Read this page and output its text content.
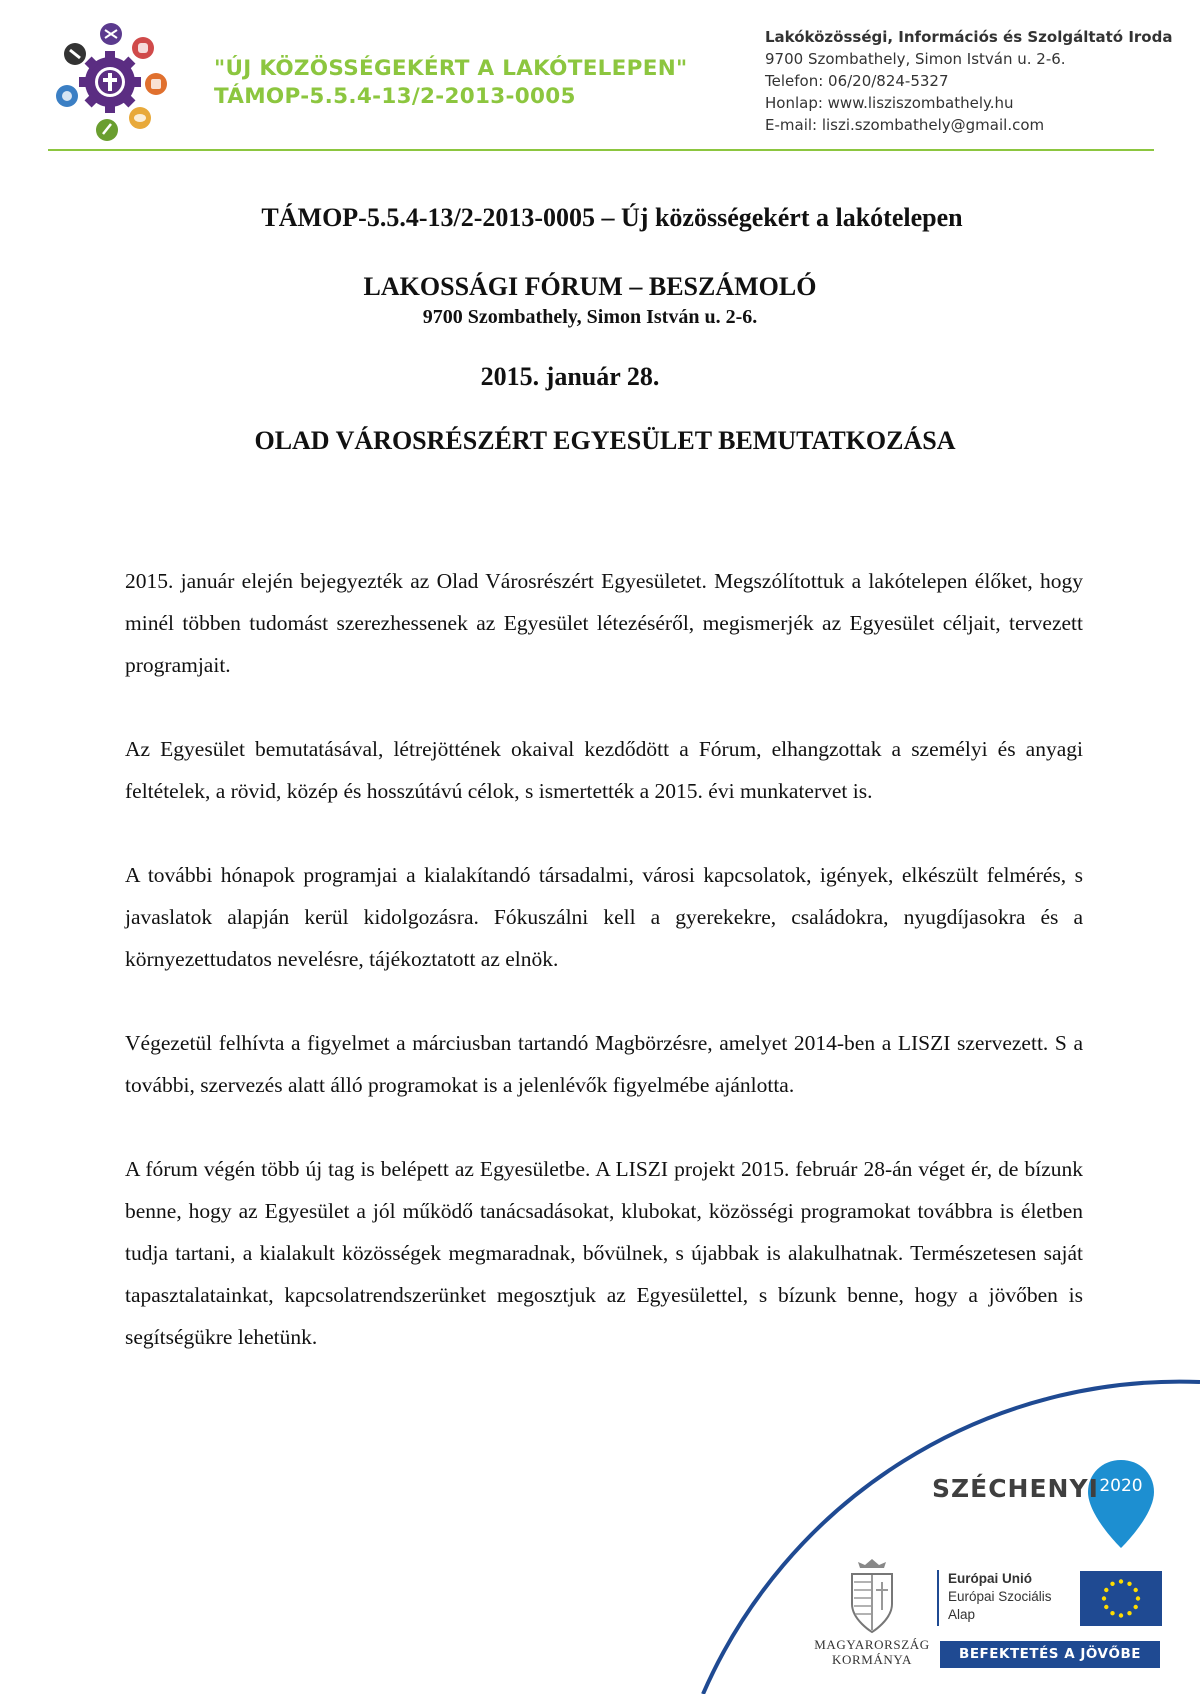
"ÚJ KÖZÖSSÉGEKÉRT A LAKÓTELEPEN"
TÁMOP-5.5.4-13/2-2013-0005
Lakóközösségi, Információs és Szolgáltató Iroda
9700 Szombathely, Simon István u. 2-6.
Telefon: 06/20/824-5327
Honlap: www.lisziszombathely.hu
E-mail: liszi.szombathely@gmail.com
TÁMOP-5.5.4-13/2-2013-0005 – Új közösségekért a lakótelepen
LAKOSSÁGI FÓRUM – BESZÁMOLÓ
9700 Szombathely, Simon István u. 2-6.
2015. január 28.
OLAD VÁROSRÉSZÉRT EGYESÜLET BEMUTATKOZÁSA

2015. január elején bejegyezték az Olad Városrészért Egyesületet. Megszólítottuk a lakótelepen élőket, hogy minél többen tudomást szerezhessenek az Egyesület létezéséről, megismerjék az Egyesület céljait, tervezett programjait.

Az Egyesület bemutatásával, létrejöttének okaival kezdődött a Fórum, elhangzottak a személyi és anyagi feltételek, a rövid, közép és hosszútávú célok, s ismertették a 2015. évi munkatervet is.

A további hónapok programjai a kialakítandó társadalmi, városi kapcsolatok, igények, elkészült felmérés, s javaslatok alapján kerül kidolgozásra. Fókuszálni kell a gyerekekre, családokra, nyugdíjasokra és a környezettudatos nevelésre, tájékoztatott az elnök.

Végezetül felhívta a figyelmet a márciusban tartandó Magbörzésre, amelyet 2014-ben a LISZI szervezett. S a további, szervezés alatt álló programokat is a jelenlévők figyelmébe ajánlotta.

A fórum végén több új tag is belépett az Egyesületbe. A LISZI projekt 2015. február 28-án véget ér, de bízunk benne, hogy az Egyesület a jól működő tanácsadásokat, klubokat, közösségi programokat továbbra is életben tudja tartani, a kialakult közösségek megmaradnak, bővülnek, s újabbak is alakulhatnak. Természetesen saját tapasztalatainkat, kapcsolatrendszerünket megosztjuk az Egyesülettel, s bízunk benne, hogy a jövőben is segítségükre lehetünk.

SZÉCHENYI 2020
MAGYARORSZÁG
KORMÁNYA
Európai Unió
Európai Szociális
Alap
BEFEKTETÉS A JÖVŐBE
